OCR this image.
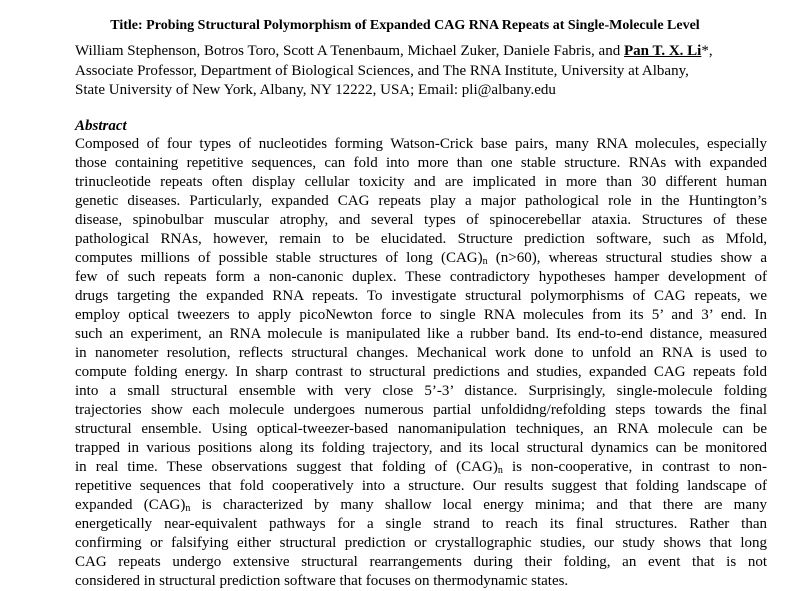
Title: Probing Structural Polymorphism of Expanded CAG RNA Repeats at Single-Molecule Level
William Stephenson, Botros Toro, Scott A Tenenbaum, Michael Zuker, Daniele Fabris, and Pan T. X. Li*,
Associate Professor, Department of Biological Sciences, and The RNA Institute, University at Albany,
State University of New York, Albany, NY 12222, USA; Email: pli@albany.edu
Abstract
Composed of four types of nucleotides forming Watson-Crick base pairs, many RNA molecules, especially
those containing repetitive sequences, can fold into more than one stable structure. RNAs with expanded
trinucleotide repeats often display cellular toxicity and are implicated in more than 30 different human
genetic diseases. Particularly, expanded CAG repeats play a major pathological role in the Huntington’s
disease, spinobulbar muscular atrophy, and several types of spinocerebellar ataxia. Structures of these
pathological RNAs, however, remain to be elucidated. Structure prediction software, such as Mfold,
computes millions of possible stable structures of long $(CAG)_n$ (n>60), whereas structural studies show a
few of such repeats form a non-canonic duplex. These contradictory hypotheses hamper development of
drugs targeting the expanded RNA repeats. To investigate structural polymorphisms of CAG repeats, we
employ optical tweezers to apply picoNewton force to single RNA molecules from its 5’ and 3’ end. In
such an experiment, an RNA molecule is manipulated like a rubber band. Its end-to-end distance, measured
in nanometer resolution, reflects structural changes. Mechanical work done to unfold an RNA is used to
compute folding energy. In sharp contrast to structural predictions and studies, expanded CAG repeats fold
into a small structural ensemble with very close 5’-3’ distance. Surprisingly, single-molecule folding
trajectories show each molecule undergoes numerous partial unfoldidng/refolding steps towards the final
structural ensemble. Using optical-tweezer-based nanomanipulation techniques, an RNA molecule can be
trapped in various positions along its folding trajectory, and its local structural dynamics can be monitored
in real time. These observations suggest that folding of $(CAG)_n$ is non-cooperative, in contrast to non-
repetitive sequences that fold cooperatively into a structure. Our results suggest that folding landscape of
expanded $(CAG)_n$ is characterized by many shallow local energy minima; and that there are many
energetically near-equivalent pathways for a single strand to reach its final structures. Rather than
confirming or falsifying either structural prediction or crystallographic studies, our study shows that long
CAG repeats undergo extensive structural rearrangements during their folding, an event that is not
considered in structural prediction software that focuses on thermodynamic states.
